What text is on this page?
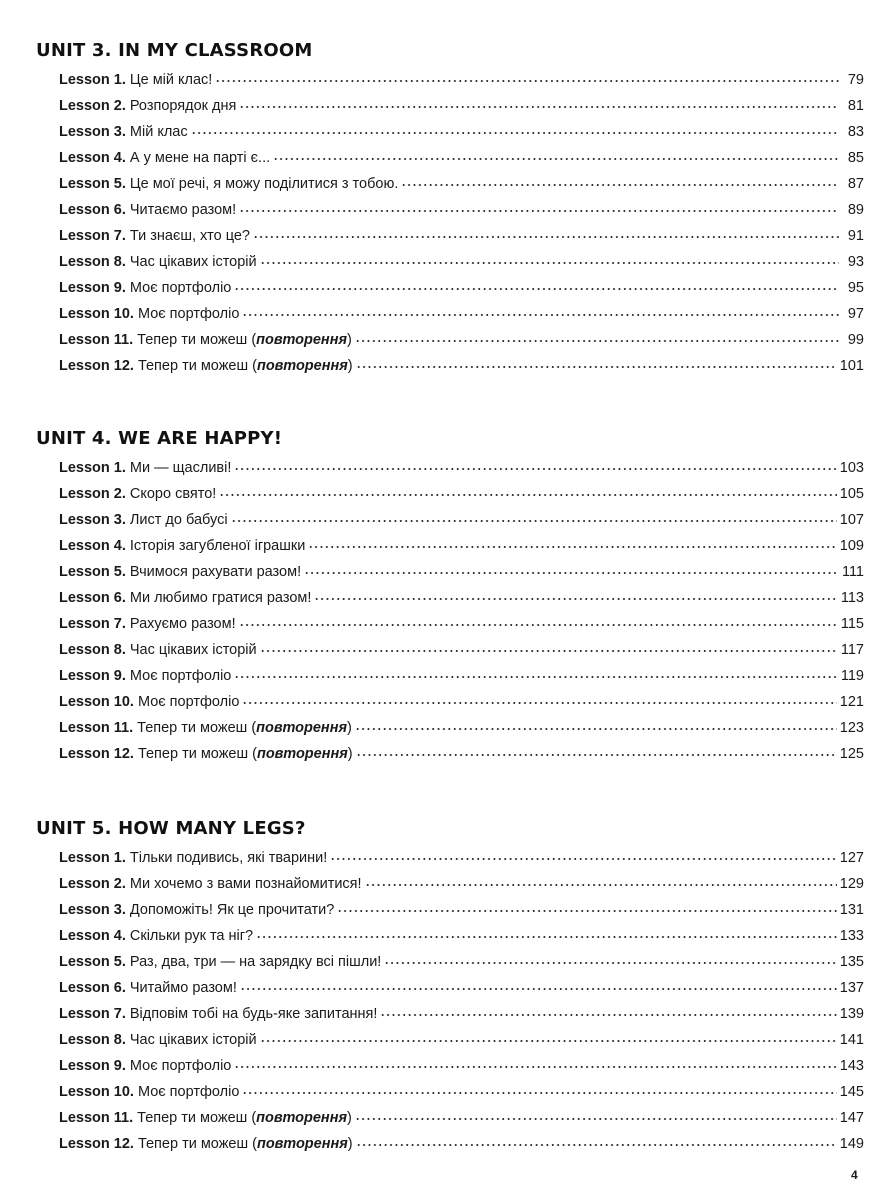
UNIT 3. IN MY CLASSROOM
Lesson 1. Це мій клас!	79
Lesson 2. Розпорядок дня	81
Lesson 3. Мій клас	83
Lesson 4. А у мене на парті є...	85
Lesson 5. Це мої речі, я можу поділитися з тобою.	87
Lesson 6. Читаємо разом!	89
Lesson 7. Ти знаєш, хто це?	91
Lesson 8. Час цікавих історій	93
Lesson 9. Моє портфоліо	95
Lesson 10. Моє портфоліо	97
Lesson 11. Тепер ти можеш (повторення)	99
Lesson 12. Тепер ти можеш (повторення)	101
UNIT 4. WE ARE HAPPY!
Lesson 1. Ми — щасливі!	103
Lesson 2. Скоро свято!	105
Lesson 3. Лист до бабусі	107
Lesson 4. Історія загубленої іграшки	109
Lesson 5. Вчимося рахувати разом!	111
Lesson 6. Ми любимо гратися разом!	113
Lesson 7. Рахуємо разом!	115
Lesson 8. Час цікавих історій	117
Lesson 9. Моє портфоліо	119
Lesson 10. Моє портфоліо	121
Lesson 11. Тепер ти можеш (повторення)	123
Lesson 12. Тепер ти можеш (повторення)	125
UNIT 5. HOW MANY LEGS?
Lesson 1. Тільки подивись, які тварини!	127
Lesson 2. Ми хочемо з вами познайомитися!	129
Lesson 3. Допоможіть! Як це прочитати?	131
Lesson 4. Скільки рук та ніг?	133
Lesson 5. Раз, два, три — на зарядку всі пішли!	135
Lesson 6. Читаймо разом!	137
Lesson 7. Відповім тобі на будь-яке запитання!	139
Lesson 8. Час цікавих історій	141
Lesson 9. Моє портфоліо	143
Lesson 10. Моє портфоліо	145
Lesson 11. Тепер ти можеш (повторення)	147
Lesson 12. Тепер ти можеш (повторення)	149
4
